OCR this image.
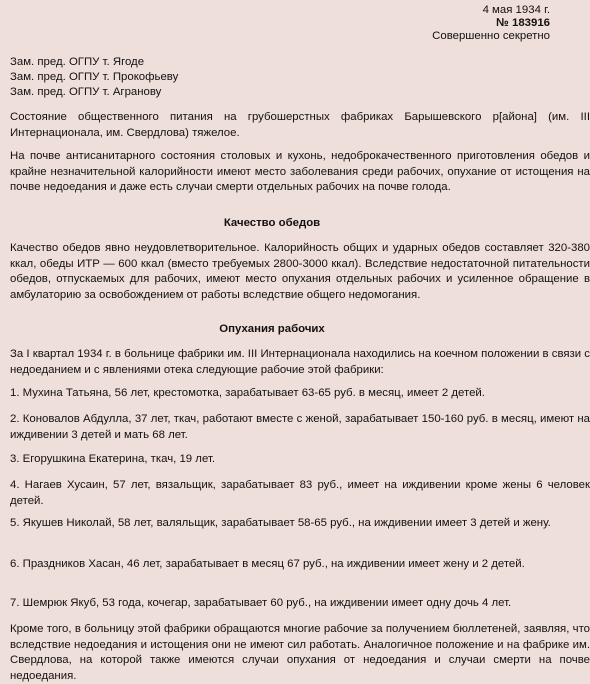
4 мая 1934 г.
№ 183916
Совершенно секретно
Зам. пред. ОГПУ т. Ягоде
Зам. пред. ОГПУ т. Прокофьеву
Зам. пред. ОГПУ т. Агранову

Состояние общественного питания на грубошерстных фабриках Барышевского р[айона] (им. III Интернационала, им. Свердлова) тяжелое.

На почве антисанитарного состояния столовых и кухонь, недоброкачественного приготовления обедов и крайне незначительной калорийности имеют место заболевания среди рабочих, опухание от истощения на почве недоедания и даже есть случаи смерти отдельных рабочих на почве голода.

Качество обедов

Качество обедов явно неудовлетворительное. Калорийность общих и ударных обедов составляет 320-380 ккал, обеды ИТР — 600 ккал (вместо требуемых 2800-3000 ккал). Вследствие недостаточной питательности обедов, отпускаемых для рабочих, имеют место опухания отдельных рабочих и усиленное обращение в амбулаторию за освобождением от работы вследствие общего недомогания.

Опухания рабочих

За I квартал 1934 г. в больнице фабрики им. III Интернационала находились на коечном положении в связи с недоеданием и с явлениями отека следующие рабочие этой фабрики:

1. Мухина Татьяна, 56 лет, крестомотка, зарабатывает 63-65 руб. в месяц, имеет 2 детей.

2. Коновалов Абдулла, 37 лет, ткач, работают вместе с женой, зарабатывает 150-160 руб. в месяц, имеют на иждивении 3 детей и мать 68 лет.

3. Егорушкина Екатерина, ткач, 19 лет.

4. Нагаев Хусаин, 57 лет, вязальщик, зарабатывает 83 руб., имеет на иждивении кроме жены 6 человек детей.

5. Якушев Николай, 58 лет, валяльщик, зарабатывает 58-65 руб., на иждивении имеет 3 детей и жену.

6. Праздников Хасан, 46 лет, зарабатывает в месяц 67 руб., на иждивении имеет жену и 2 детей.

7. Шемрюк Якуб, 53 года, кочегар, зарабатывает 60 руб., на иждивении имеет одну дочь 4 лет.

Кроме того, в больницу этой фабрики обращаются многие рабочие за получением бюллетеней, заявляя, что вследствие недоедания и истощения они не имеют сил работать. Аналогичное положение и на фабрике им. Свердлова, на которой также имеются случаи опухания от недоедания и случаи смерти на почве недоедания.
